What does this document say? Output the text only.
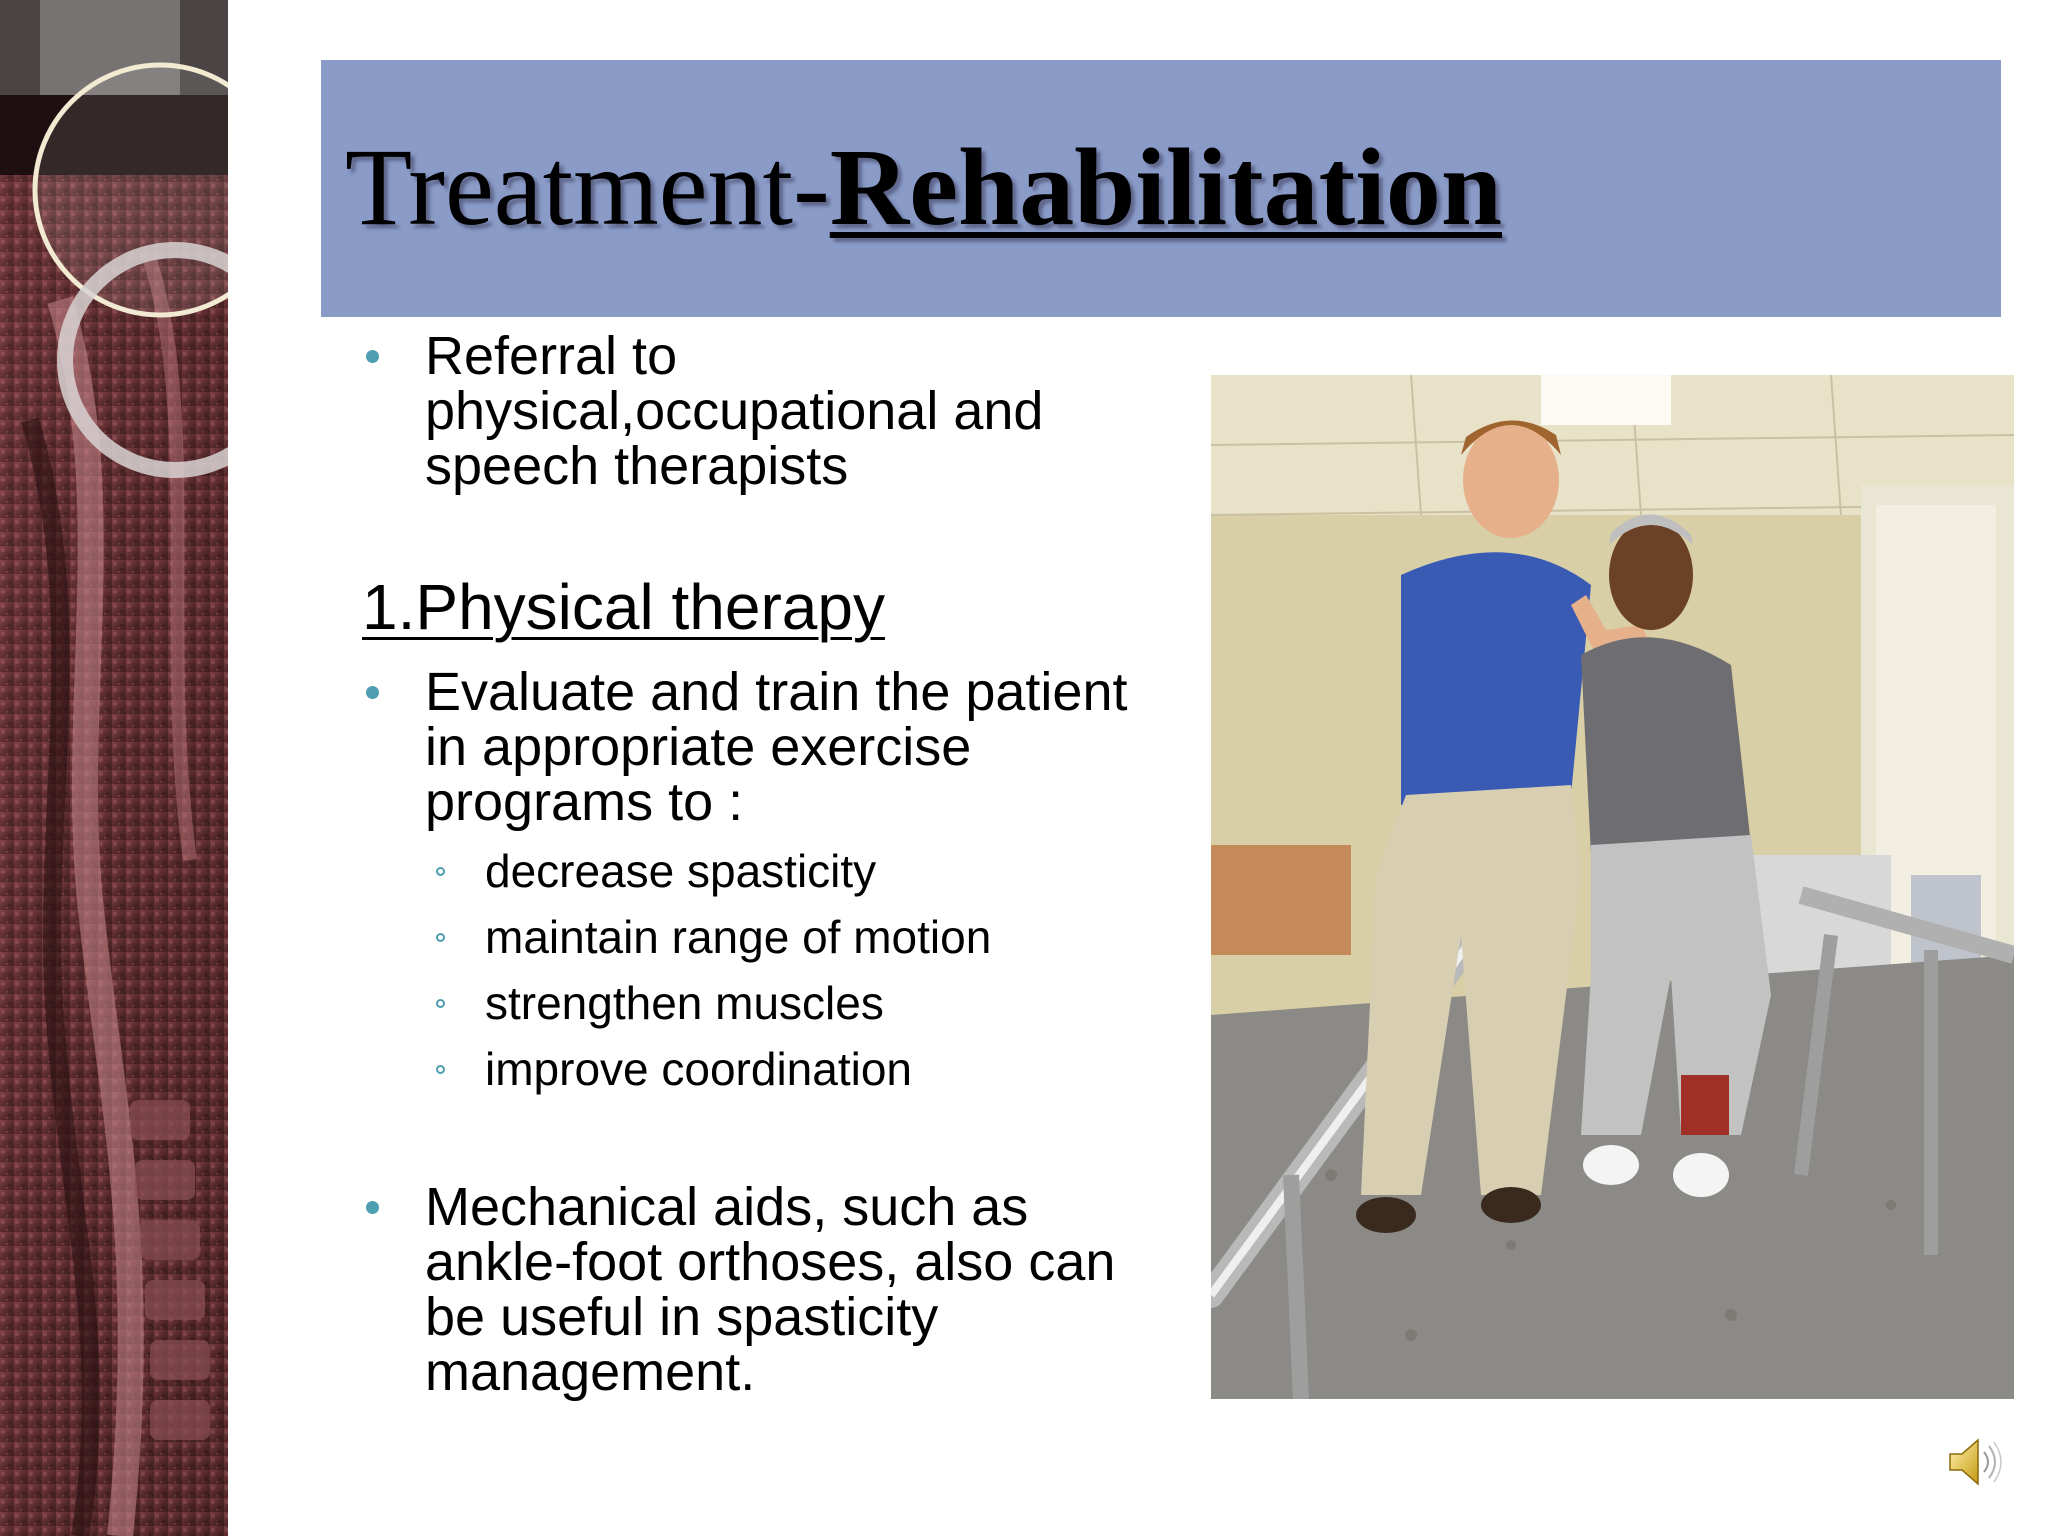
Treatment-Rehabilitation
Referral to
physical,occupational and
speech therapists
1.Physical therapy
Evaluate and train the patient
in appropriate exercise
programs to :
decrease spasticity
maintain range of motion
strengthen muscles
improve coordination
Mechanical aids, such as
ankle-foot orthoses, also can
be useful in spasticity
management.
